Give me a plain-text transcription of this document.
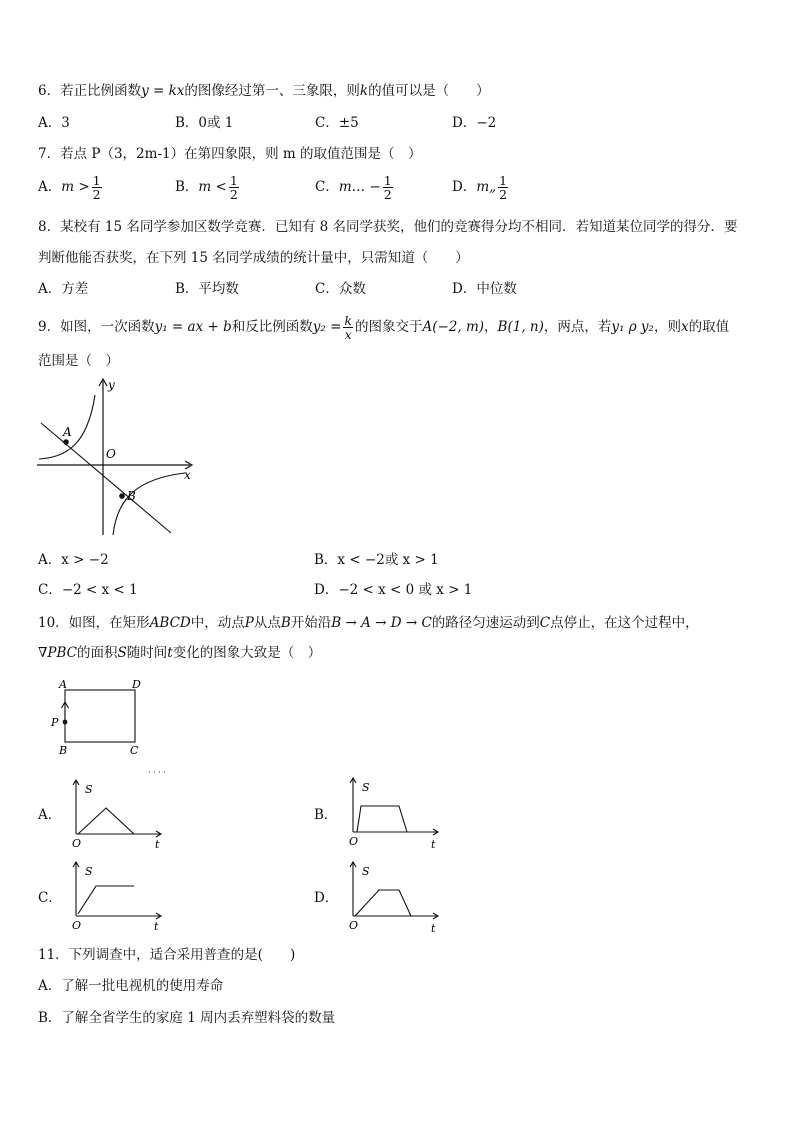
6．若正比例函数y = kx的图像经过第一、三象限，则k的值可以是（　　）
A．3	B．0或 1	C．±5	D．−2
7．若点 P（3，2m-1）在第四象限，则 m 的取值范围是（　）
A．$m > \frac{1}{2}$	B．$m < \frac{1}{2}$	C．m… − $\frac{1}{2}$	D．m„ $\frac{1}{2}$
8．某校有 15 名同学参加区数学竞赛．已知有 8 名同学获奖，他们的竞赛得分均不相同．若知道某位同学的得分．要
判断他能否获奖，在下列 15 名同学成绩的统计量中，只需知道（　　）
A．方差	B．平均数	C．众数	D．中位数
9．如图，一次函数y₁ = ax + b和反比例函数$y_2 = \frac{k}{x}$ 的图象交于A(−2, m)，B(1, n)，两点，若y₁ ρ y₂，则x的取值
范围是（　）
y
x
O
A
B
A．x > −2	B．x < −2或 x > 1
C．−2 < x < 1	D．−2 < x < 0 或 x > 1
10．如图，在矩形ABCD中，动点P从点B开始沿B → A → D → C的路径匀速运动到C点停止，在这个过程中，
∇PBC的面积S随时间t变化的图象大致是（　）
A	D
B	C
P
· · · ·
A．
S
O	t
B．
S
O	t
C．
S
O	t
D．
S
O	t
11．下列调查中，适合采用普查的是(　　)
A．了解一批电视机的使用寿命
B．了解全省学生的家庭 1 周内丢弃塑料袋的数量
